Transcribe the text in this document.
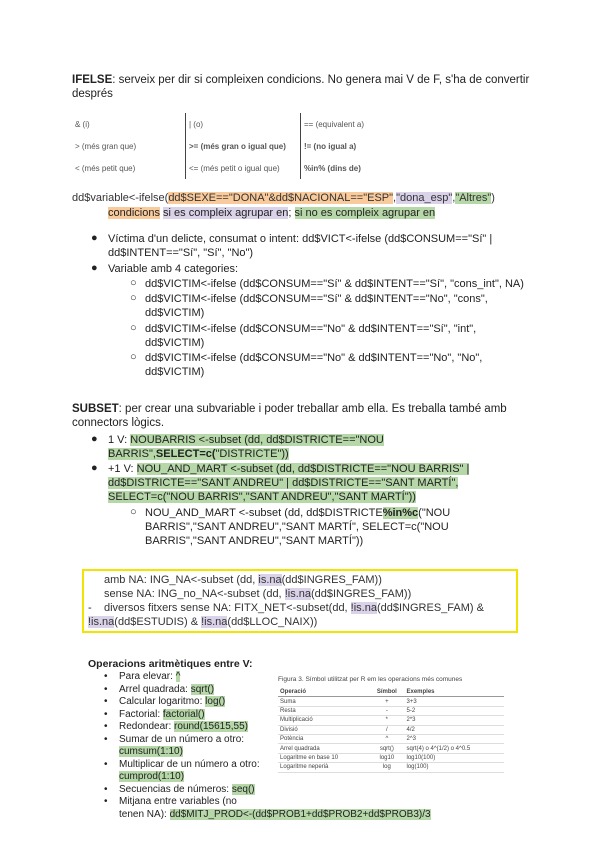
IFELSE: serveix per dir si compleixen condicions. No genera mai V de F, s'ha de convertir després
& (i)	| (o)	== (equivalent a)
> (més gran que)	>= (més gran o igual que)	!= (no igual a)
< (més petit que)	<= (més petit o igual que)	%in% (dins de)
dd$variable<-ifelse(dd$SEXE=="DONA"&dd$NACIONAL=="ESP","dona_esp","Altres")
condicions si es compleix agrupar en; si no es compleix agrupar en
● Víctima d'un delicte, consumat o intent: dd$VICT<-ifelse (dd$CONSUM=="Sí" |
dd$INTENT=="Sí", "Sí", "No")
● Variable amb 4 categories:
○ dd$VICTIM<-ifelse (dd$CONSUM=="Sí" & dd$INTENT=="Sí", "cons_int", NA)
○ dd$VICTIM<-ifelse (dd$CONSUM=="Sí" & dd$INTENT=="No", "cons",
dd$VICTIM)
○ dd$VICTIM<-ifelse (dd$CONSUM=="No" & dd$INTENT=="Sí", "int",
dd$VICTIM)
○ dd$VICTIM<-ifelse (dd$CONSUM=="No" & dd$INTENT=="No", "No",
dd$VICTIM)
SUBSET: per crear una subvariable i poder treballar amb ella. Es treballa també amb
connectors lògics.
● 1 V: NOUBARRIS <-subset (dd, dd$DISTRICTE=="NOU
BARRIS",SELECT=c("DISTRICTE"))
● +1 V: NOU_AND_MART <-subset (dd, dd$DISTRICTE=="NOU BARRIS" |
dd$DISTRICTE=="SANT ANDREU" | dd$DISTRICTE=="SANT MARTÍ",
SELECT=c("NOU BARRIS","SANT ANDREU","SANT MARTÍ"))
○ NOU_AND_MART <-subset (dd, dd$DISTRICTE%in%c("NOU
BARRIS","SANT ANDREU","SANT MARTÍ", SELECT=c("NOU
BARRIS","SANT ANDREU","SANT MARTÍ"))
amb NA: ING_NA<-subset (dd, is.na(dd$INGRES_FAM))
sense NA: ING_no_NA<-subset (dd, !is.na(dd$INGRES_FAM))
- diversos fitxers sense NA: FITX_NET<-subset(dd, !is.na(dd$INGRES_FAM) &
!is.na(dd$ESTUDIS) & !is.na(dd$LLOC_NAIX))
Operacions aritmètiques entre V:
• Para elevar: ^
• Arrel quadrada: sqrt()
• Calcular logaritmo: log()
• Factorial: factorial()
• Redondear: round(15615,55)
• Sumar de un número a otro:
cumsum(1:10)
• Multiplicar de un número a otro:
cumprod(1:10)
• Secuencias de números: seq()
• Mitjana entre variables (no
tenen NA): dd$MITJ_PROD<-(dd$PROB1+dd$PROB2+dd$PROB3)/3
Figura 3. Símbol utilitzat per R em les operacions més comunes
Operació	Símbol	Exemples
Suma	+	3+3
Resta	-	5-2
Multiplicació	*	2*3
Divisió	/	4/2
Potència	^	2^3
Arrel quadrada	sqrt()	sqrt(4) o 4^(1/2) o 4^0.5
Logaritme en base 10	log10	log10(100)
Logaritme neperià	log	log(100)
